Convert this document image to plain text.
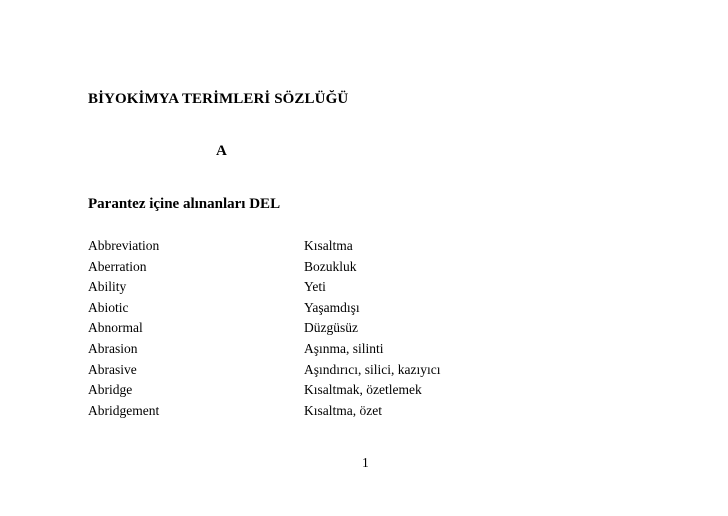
BİYOKİMYA TERİMLERİ SÖZLÜĞÜ
A
Parantez içine alınanları DEL
Abbreviation	Kısaltma
Aberration	Bozukluk
Ability	Yeti
Abiotic	Yaşamdışı
Abnormal	Düzgüsüz
Abrasion	Aşınma, silinti
Abrasive	Aşındırıcı, silici, kazıyıcı
Abridge	Kısaltmak, özetlemek
Abridgement	Kısaltma, özet
1
